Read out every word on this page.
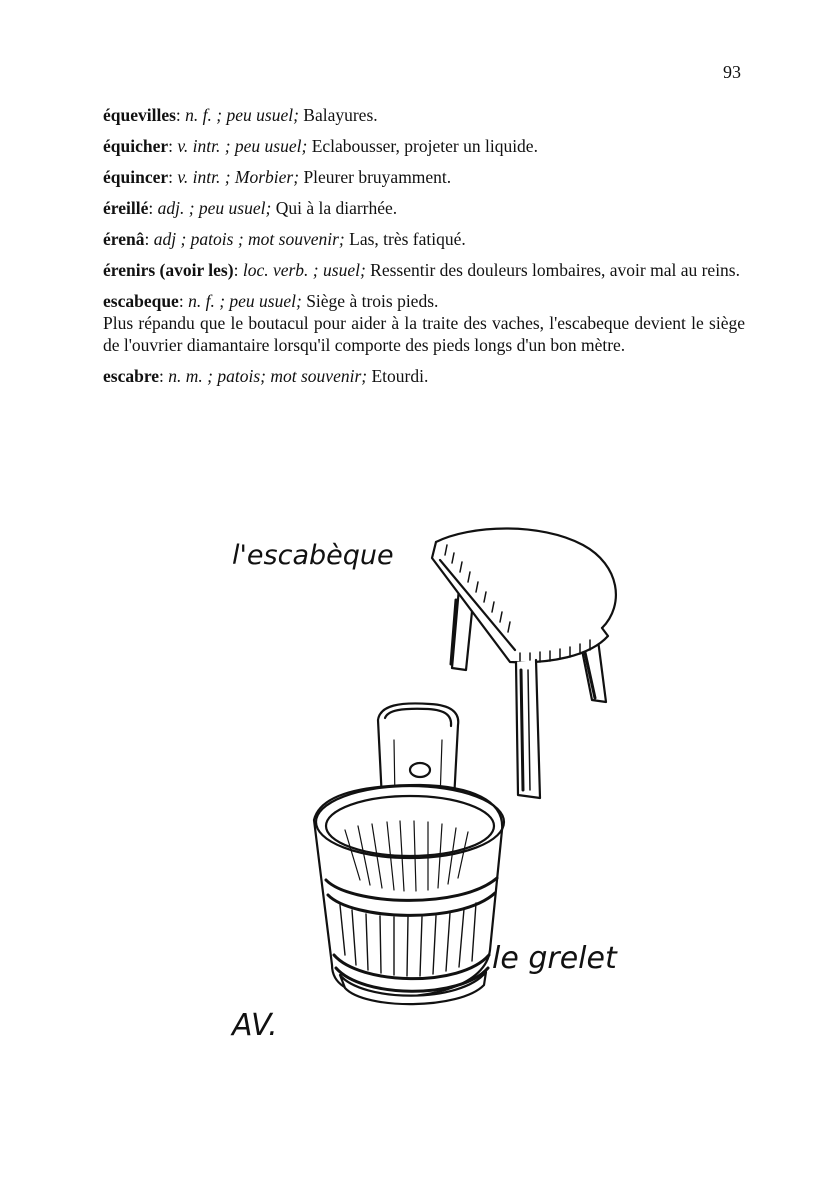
93

équevilles: n. f. ; peu usuel; Balayures.

équicher: v. intr. ; peu usuel; Eclabousser, projeter un liquide.

équincer: v. intr. ; Morbier; Pleurer bruyamment.

éreillé: adj. ; peu usuel; Qui à la diarrhée.

érenâ: adj ; patois ; mot souvenir; Las, très fatiqué.

érenirs (avoir les): loc. verb. ; usuel; Ressentir des douleurs lombaires, avoir mal au reins.

escabeque: n. f. ; peu usuel; Siège à trois pieds.
Plus répandu que le boutacul pour aider à la traite des vaches, l'escabeque devient le siège de l'ouvrier diamantaire lorsqu'il comporte des pieds longs d'un bon mètre.

escabre: n. m. ; patois; mot souvenir; Etourdi.

l'escabèque
le grelet
AV.
